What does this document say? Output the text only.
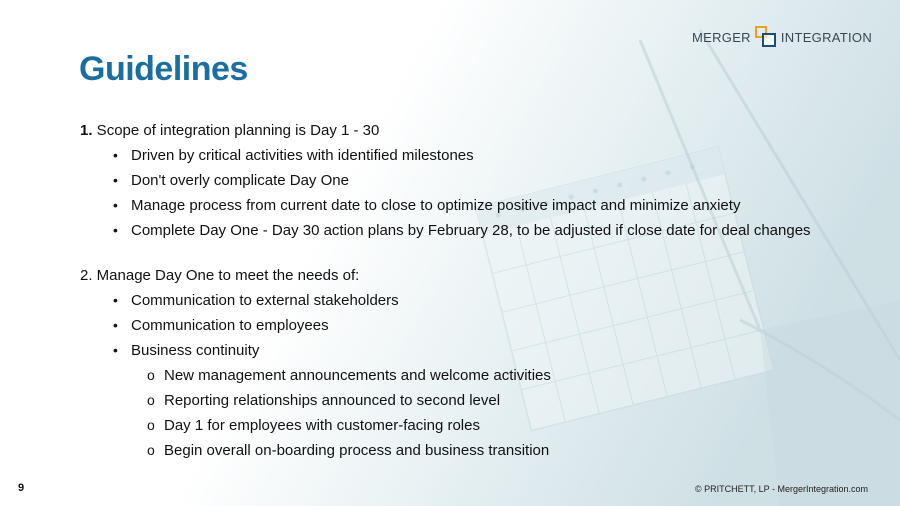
MERGER INTEGRATION
Guidelines
1. Scope of integration planning is Day 1 - 30
• Driven by critical activities with identified milestones
• Don't overly complicate Day One
• Manage process from current date to close to optimize positive impact and minimize anxiety
• Complete Day One - Day 30 action plans by February 28, to be adjusted if close date for deal changes
2. Manage Day One to meet the needs of:
• Communication to external stakeholders
• Communication to employees
• Business continuity
o New management announcements and welcome activities
o Reporting relationships announced to second level
o Day 1 for employees with customer-facing roles
o Begin overall on-boarding process and business transition
9	© PRITCHETT, LP - MergerIntegration.com
